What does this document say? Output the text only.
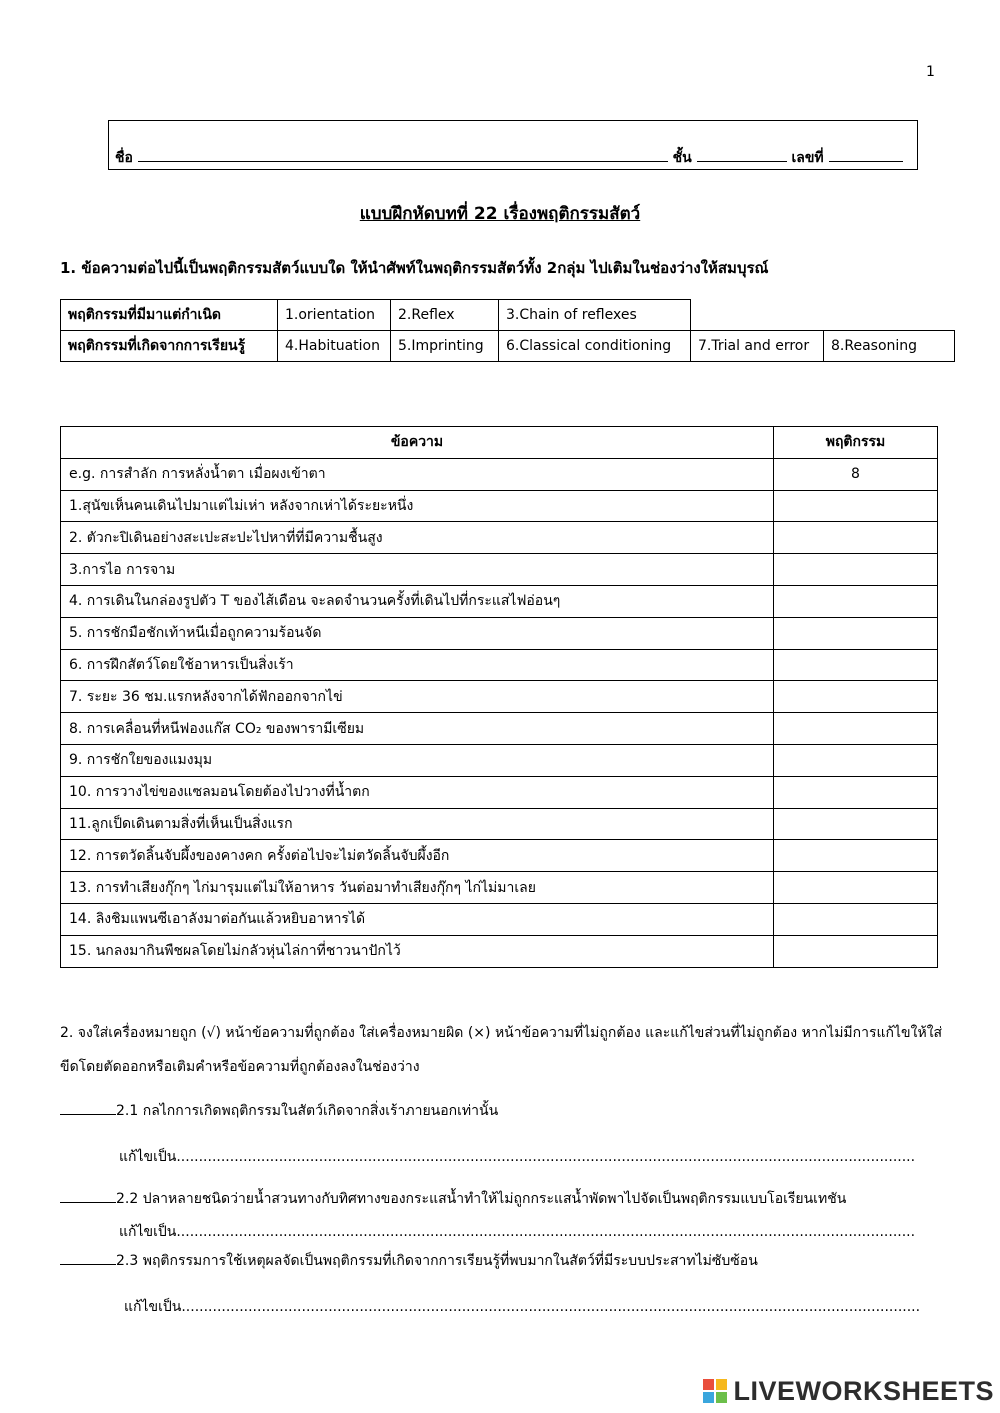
1
ชื่อ	ชั้น	เลขที่
แบบฝึกหัดบทที่ 22 เรื่องพฤติกรรมสัตว์
1. ข้อความต่อไปนี้เป็นพฤติกรรมสัตว์แบบใด ให้นำศัพท์ในพฤติกรรมสัตว์ทั้ง 2กลุ่ม ไปเติมในช่องว่างให้สมบุรณ์
พฤติกรรมที่มีมาแต่กำเนิด	1.orientation	2.Reflex	3.Chain of reflexes		
พฤติกรรมที่เกิดจากการเรียนรู้	4.Habituation	5.Imprinting	6.Classical conditioning	7.Trial and error	8.Reasoning
ข้อความ	พฤติกรรม
e.g. การสำลัก การหลั่งน้ำตา เมื่อผงเข้าตา	8
1.สุนัขเห็นคนเดินไปมาแต่ไม่เห่า หลังจากเห่าได้ระยะหนึ่ง	
2. ตัวกะปิเดินอย่างสะเปะสะปะไปหาที่ที่มีความชื้นสูง	
3.การไอ การจาม	
4. การเดินในกล่องรูปตัว T ของไส้เดือน จะลดจำนวนครั้งที่เดินไปที่กระแสไฟอ่อนๆ	
5. การชักมือชักเท้าหนีเมื่อถูกความร้อนจัด	
6. การฝึกสัตว์โดยใช้อาหารเป็นสิ่งเร้า	
7. ระยะ 36 ชม.แรกหลังจากได้ฟักออกจากไข่	
8. การเคลื่อนที่หนีฟองแก๊ส CO₂ ของพารามีเซียม	
9. การชักใยของแมงมุม	
10. การวางไข่ของแซลมอนโดยต้องไปวางที่น้ำตก	
11.ลูกเป็ดเดินตามสิ่งที่เห็นเป็นสิ่งแรก	
12. การตวัดลิ้นจับผึ้งของคางคก ครั้งต่อไปจะไม่ตวัดลิ้นจับผึ้งอีก	
13. การทำเสียงกุ๊กๆ ไก่มารุมแต่ไม่ให้อาหาร วันต่อมาทำเสียงกุ๊กๆ ไก่ไม่มาเลย	
14. ลิงชิมแพนซีเอาลังมาต่อกันแล้วหยิบอาหารได้	
15. นกลงมากินพืชผลโดยไม่กลัวหุ่นไล่กาที่ชาวนาปักไว้	
2. จงใส่เครื่องหมายถูก (√) หน้าข้อความที่ถูกต้อง ใส่เครื่องหมายผิด (×) หน้าข้อความที่ไม่ถูกต้อง และแก้ไขส่วนที่ไม่ถูกต้อง หากไม่มีการแก้ไขให้ใส่ขีดโดยตัดออกหรือเติมคำหรือข้อความที่ถูกต้องลงในช่องว่าง
2.1 กลไกการเกิดพฤติกรรมในสัตว์เกิดจากสิ่งเร้าภายนอกเท่านั้น
แก้ไขเป็น......................................................................................................................................................................
2.2 ปลาหลายชนิดว่ายน้ำสวนทางกับทิศทางของกระแสน้ำทำให้ไม่ถูกกระแสน้ำพัดพาไปจัดเป็นพฤติกรรมแบบโอเรียนเทชัน
แก้ไขเป็น......................................................................................................................................................................
2.3 พฤติกรรมการใช้เหตุผลจัดเป็นพฤติกรรมที่เกิดจากการเรียนรู้ที่พบมากในสัตว์ที่มีระบบประสาทไม่ซับซ้อน
แก้ไขเป็น......................................................................................................................................................................
LIVEWORKSHEETS
